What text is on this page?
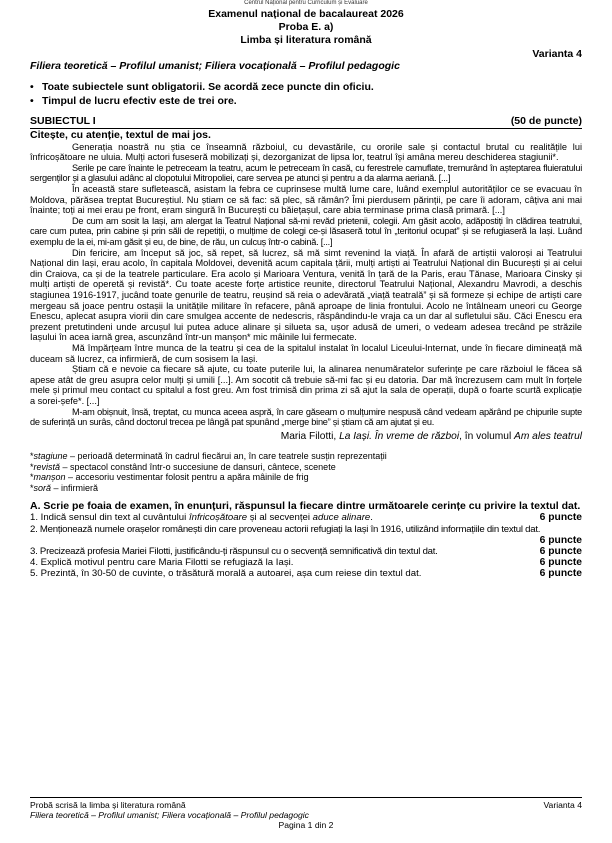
Centrul Național pentru Curriculum și Evaluare
Examenul național de bacalaureat 2026
Proba E. a)
Limba și literatura română
Varianta 4
Filiera teoretică – Profilul umanist; Filiera vocațională – Profilul pedagogic
• Toate subiectele sunt obligatorii. Se acordă zece puncte din oficiu.
• Timpul de lucru efectiv este de trei ore.
SUBIECTUL I	(50 de puncte)
Citește, cu atenție, textul de mai jos.

Generația noastră nu știa ce înseamnă războiul, cu devastările, cu ororile sale și contactul brutal cu realitățile lui înfricoșătoare ne uluia. Mulți actori fuseseră mobilizați și, dezorganizat de lipsa lor, teatrul își amâna mereu deschiderea stagiunii*.

Serile pe care înainte le petreceam la teatru, acum le petreceam în casă, cu ferestrele camuflate, tremurând în așteptarea fluieratului sergenților și a glasului adânc al clopotului Mitropoliei, care servea pe atunci și pentru a da alarma aeriană. [...]

În această stare sufletească, asistam la febra ce cuprinsese multă lume care, luând exemplul autorităților ce se evacuau în Moldova, părăsea treptat Bucureștiul. Nu știam ce să fac: să plec, să rămân? Îmi pierdusem părinții, pe care îi adoram, câțiva ani mai înainte; toți ai mei erau pe front, eram singură în București cu băiețașul, care abia terminase prima clasă primară. [...]

De cum am sosit la Iași, am alergat la Teatrul Național să-mi revăd prietenii, colegii. Am găsit acolo, adăpostiți în clădirea teatrului, care cum putea, prin cabine și prin săli de repetiții, o mulțime de colegi ce-și lăsaseră totul în „teritoriul ocupat” și se refugiaseră la Iași. Luând exemplu de la ei, mi-am găsit și eu, de bine, de rău, un culcuș într-o cabină. [...]

Din fericire, am început să joc, să repet, să lucrez, să mă simt revenind la viață. În afară de artiștii valoroși ai Teatrului Național din Iași, erau acolo, în capitala Moldovei, devenită acum capitala țării, mulți artiști ai Teatrului Național din București și ai celui din Craiova, ca și de la teatrele particulare. Era acolo și Marioara Ventura, venită în țară de la Paris, erau Tănase, Marioara Cinsky și mulți artiști de operetă și revistă*. Cu toate aceste forțe artistice reunite, directorul Teatrului Național, Alexandru Mavrodi, a deschis stagiunea 1916-1917, jucând toate genurile de teatru, reușind să reia o adevărată „viață teatrală” și să formeze și echipe de artiști care mergeau să joace pentru ostașii la unitățile militare în refacere, până aproape de linia frontului. Acolo ne întâlneam uneori cu George Enescu, aplecat asupra viorii din care smulgea accente de nedescris, răspândindu-le vraja ca un dar al sufletului său. Căci Enescu era prezent pretutindeni unde arcușul lui putea aduce alinare și silueta sa, ușor adusă de umeri, o vedeam adesea trecând pe străzile Iașului în acea iarnă grea, ascunzând într-un manșon* mic mâinile lui fermecate.

Mă împărțeam între munca de la teatru și cea de la spitalul instalat în localul Liceului-Internat, unde în fiecare dimineață mă duceam să lucrez, ca infirmieră, de cum sosisem la Iași.

Știam că e nevoie ca fiecare să ajute, cu toate puterile lui, la alinarea nenumăratelor suferințe pe care războiul le făcea să apese atât de greu asupra celor mulți și umili [...]. Am socotit că trebuie să-mi fac și eu datoria. Dar mă încrezusem cam mult în forțele mele și primul meu contact cu spitalul a fost greu. Am fost trimisă din prima zi să ajut la sala de operații, după o foarte scurtă explicație a sorei-șefe*. [...]

M-am obișnuit, însă, treptat, cu munca aceea aspră, în care găseam o mulțumire nespusă când vedeam apărând pe chipurile supte de suferință un surâs, când doctorul trecea pe lângă pat spunând „merge bine” și știam că am ajutat și eu.

Maria Filotti, La Iași. În vreme de război, în volumul Am ales teatrul
*stagiune – perioadă determinată în cadrul fiecărui an, în care teatrele susțin reprezentații
*revistă – spectacol constând într-o succesiune de dansuri, cântece, scenete
*manșon – accesoriu vestimentar folosit pentru a apăra mâinile de frig
*soră – infirmieră
A. Scrie pe foaia de examen, în enunțuri, răspunsul la fiecare dintre următoarele cerințe cu privire la textul dat.
1. Indică sensul din text al cuvântului înfricoșătoare și al secvenței aduce alinare.	6 puncte
2. Menționează numele orașelor românești din care proveneau actorii refugiați la Iași în 1916, utilizând informațiile din textul dat.
6 puncte
3. Precizează profesia Mariei Filotti, justificându-ți răspunsul cu o secvență semnificativă din textul dat.	6 puncte
4. Explică motivul pentru care Maria Filotti se refugiază la Iași.	6 puncte
5. Prezintă, în 30-50 de cuvinte, o trăsătură morală a autoarei, așa cum reiese din textul dat.	6 puncte
Probă scrisă la limba și literatura română	Varianta 4
Filiera teoretică – Profilul umanist; Filiera vocațională – Profilul pedagogic
Pagina 1 din 2
